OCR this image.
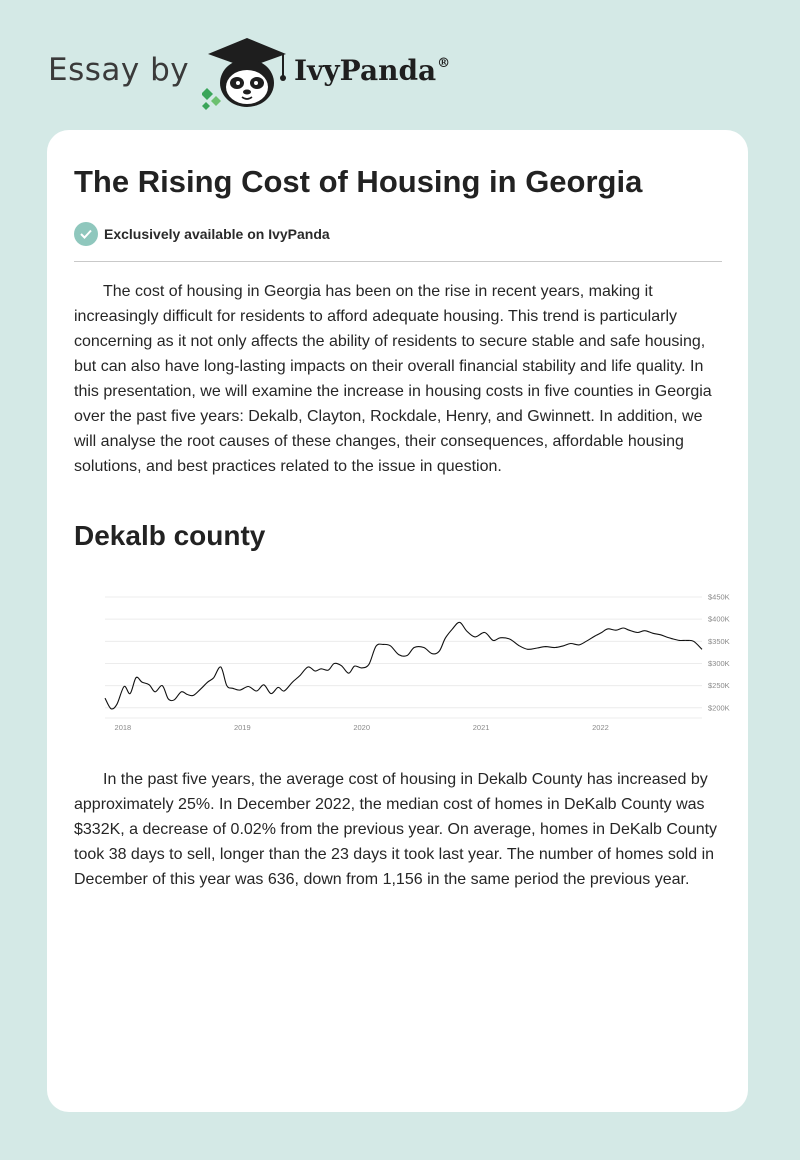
Essay by	IvyPanda®
The Rising Cost of Housing in Georgia
Exclusively available on IvyPanda

The cost of housing in Georgia has been on the rise in recent years, making it increasingly difficult for residents to afford adequate housing. This trend is particularly concerning as it not only affects the ability of residents to secure stable and safe housing, but can also have long-lasting impacts on their overall financial stability and life quality. In this presentation, we will examine the increase in housing costs in five counties in Georgia over the past five years: Dekalb, Clayton, Rockdale, Henry, and Gwinnett. In addition, we will analyse the root causes of these changes, their consequences, affordable housing solutions, and best practices related to the issue in question.

Dekalb county
$200K
$250K
$300K
$350K
$400K
$450K
2018	2019	2020	2021	2022

In the past five years, the average cost of housing in Dekalb County has increased by approximately 25%. In December 2022, the median cost of homes in DeKalb County was $332K, a decrease of 0.02% from the previous year. On average, homes in DeKalb County took 38 days to sell, longer than the 23 days it took last year. The number of homes sold in December of this year was 636, down from 1,156 in the same period the previous year.
